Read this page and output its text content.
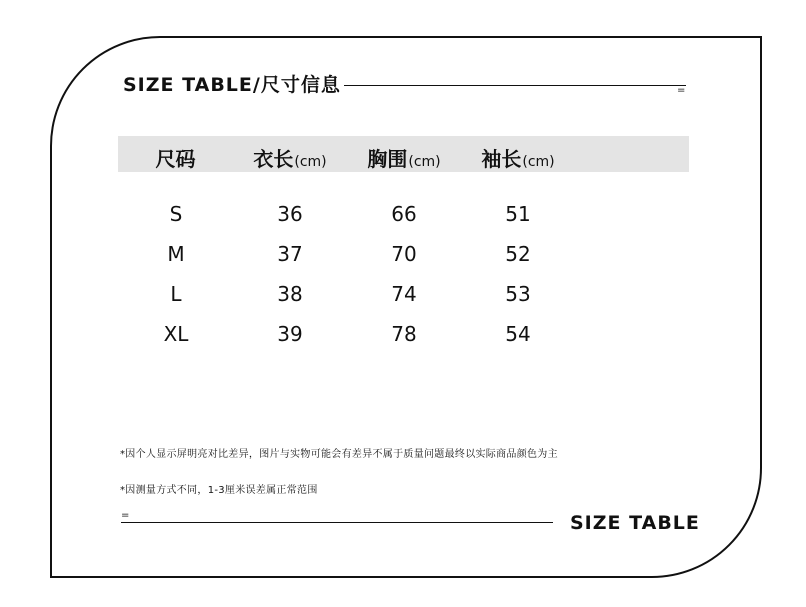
SIZE TABLE/尺寸信息	=
尺码	衣长(cm)	胸围(cm)	袖长(cm)
S	36	66	51
M	37	70	52
L	38	74	53
XL	39	78	54
*因个人显示屏明亮对比差异，图片与实物可能会有差异不属于质量问题最终以实际商品颜色为主
*因测量方式不同，1-3厘米误差属正常范围
=	SIZE TABLE
